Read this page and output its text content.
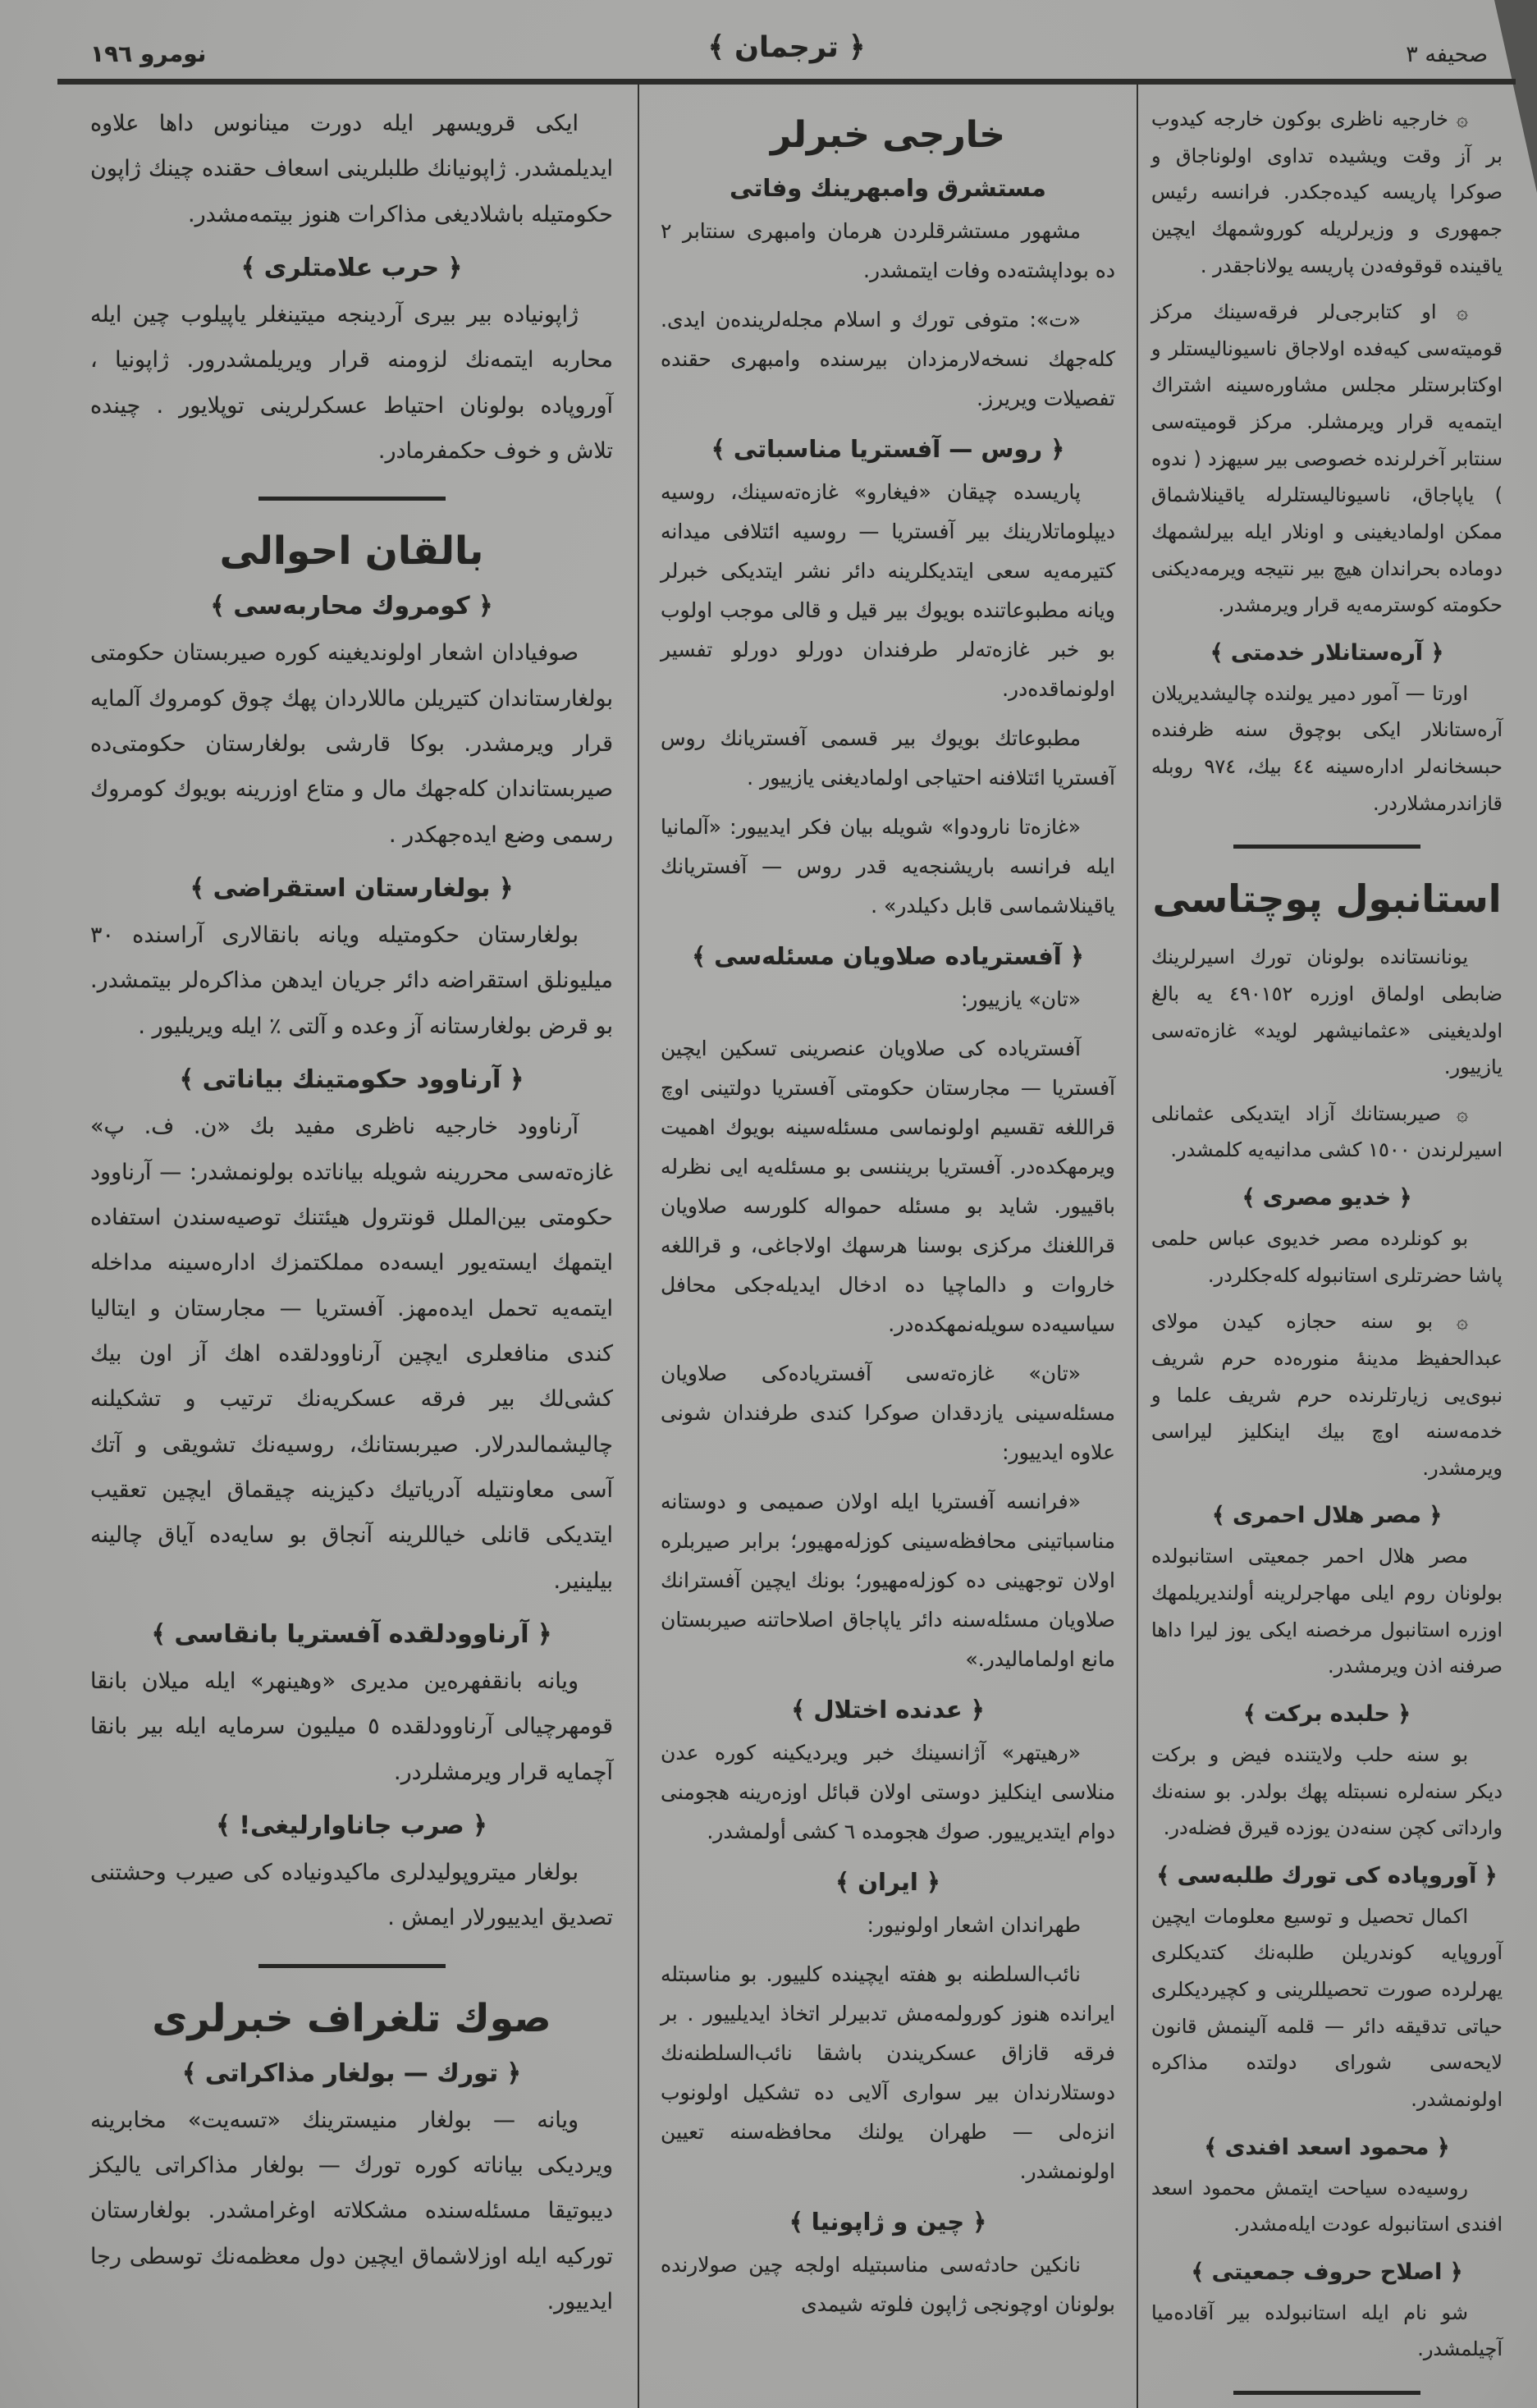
صحيفه ٣
﴿ ترجمان ﴾
نومرو ١٩٦

۞ خارجيه ناظرى بوكون خارجه كيدوب بر آز وقت ويشيده تداوى اولوناجاق و صوكرا پاريسه كيده‌جكدر. فرانسه رئيس جمهورى و وزيرلريله كوروشمهك ايچين ياقينده قوقوفه‌دن پاريسه يولاناجقدر .

۞ او كتابرجى‌لر فرقه‌سينك مركز قوميته‌سى كيه‌فده اولاجاق ناسيوناليستلر و اوكتابرستلر مجلس مشاوره‌سينه اشتراك ايتمه‌يه قرار ويرمشلر. مركز قوميته‌سى سنتابر آخرلرنده خصوصى بير سيهزد ( ندوه ) ياپاجاق، ناسيوناليستلرله ياقينلاشماق ممكن اولماديغينى و اونلار ايله بيرلشمهك دوماده بحراندان هيچ بير نتيجه ويرمه‌ديكنى حكومته كوسترمه‌يه قرار ويرمشدر.

﴿ آره‌ستانلار خدمتى ﴾

اورتا — آمور دمير يولنده چاليشديريلان آره‌ستانلار ايكى بوچوق سنه ظرفنده حبسخانه‌لر اداره‌سينه ٤٤ بيك، ٩٧٤ روبله قازاندرمشلاردر.

استانبول پوچتاسى

يونانستانده بولونان تورك اسيرلرينك ضابطى اولماق اوزره ٤٩٠١٥٢ يه بالغ اولديغينى «عثمانيشهر لويد» غازه‌ته‌سى يازييور.

۞ صيربستانك آزاد ايتديكى عثمانلى اسيرلرندن ١٥٠٠ كشى مدانيه‌يه كلمشدر.

﴿ خديو مصرى ﴾

بو كونلرده مصر خديوى عباس حلمى پاشا حضرتلرى استانبوله كله‌جكلردر.

۞ بو سنه حجازه كيدن مولاى عبدالحفيظ مدينۀ منوره‌ده حرم شريف نبوى‌يى زيارتلرنده حرم شريف علما و خدمه‌سنه اوچ بيك اينكليز ليراسى ويرمشدر.

﴿ مصر هلال احمرى ﴾

مصر هلال احمر جمعيتى استانبولده بولونان روم ايلى مهاجرلرينه أولنديريلمهك اوزره استانبول مرخصنه ايكى يوز ليرا داها صرفنه اذن ويرمشدر.

﴿ حلبده بركت ﴾

بو سنه حلب ولايتنده فيض و بركت ديكر سنه‌لره نسبتله پهك بولدر. بو سنه‌نك وارداتى كچن سنه‌دن يوزده قيرق فضله‌در.

﴿ آوروپاده كى تورك طلبه‌سى ﴾

اكمال تحصيل و توسيع معلومات ايچين آوروپايه كوندريلن طلبه‌نك كتديكلرى يهرلرده صورت تحصيللرينى و كچيرديكلرى حياتى تدقيقه دائر — قلمه آلينمش قانون لايحه‌سى شوراى دولتده مذاكره اولونمشدر.

﴿ محمود اسعد افندى ﴾

روسيه‌ده سياحت ايتمش محمود اسعد افندى استانبوله عودت ايله‌مشدر.

﴿ اصلاح حروف جمعيتى ﴾

شو نام ايله استانبولده بير آقاده‌ميا آچيلمشدر.

خارجى خبرلر
مستشرق وامبهرينك وفاتى

مشهور مستشرقلردن هرمان وامبهرى سنتابر ٢ ده بوداپشته‌ده وفات ايتمشدر.

«ت»: متوفى تورك و اسلام مجله‌لرينده‌ن ايدى. كله‌جهك نسخه‌لارمزدان بيرسنده وامبهرى حقنده تفصيلات ويريرز.

﴿ روس — آفستريا مناسباتى ﴾

پاريسده چيقان «فيغارو» غازه‌ته‌سينك، روسيه ديپلوماتلارينك بير آفستريا — روسيه ائتلافى ميدانه كتيرمه‌يه سعى ايتديكلرينه دائر نشر ايتديكى خبرلر ويانه مطبوعاتنده بويوك بير قيل و قالى موجب اولوب بو خبر غازه‌ته‌لر طرفندان دورلو دورلو تفسير اولونماقده‌در.

مطبوعاتك بويوك بير قسمى آفستريانك روس آفستريا ائتلافنه احتياجى اولماديغنى يازييور .

«غازه‌تا نارودوا» شويله بيان فكر ايدييور: «آلمانيا ايله فرانسه باريشنجه‌يه قدر روس — آفستريانك ياقينلاشماسى قابل دكيلدر» .

﴿ آفسترياده صلاويان مسئله‌سى ﴾

«تان» يازييور:

آفسترياده كى صلاويان عنصرينى تسكين ايچين آفستريا — مجارستان حكومتى آفستريا دولتينى اوچ قراللغه تقسيم اولونماسى مسئله‌سينه بويوك اهميت ويرمهكده‌در. آفستريا بريننسى بو مسئله‌يه ايى نظرله باقييور. شايد بو مسئله حمواله كلورسه صلاويان قراللغنك مركزى بوسنا هرسهك اولاجاغى، و قراللغه خاروات و دالماچيا ده ادخال ايديله‌جكى محافل سياسيه‌ده سويله‌نمهكده‌در.

«تان» غازه‌ته‌سى آفسترياده‌كى صلاويان مسئله‌سينى يازدقدان صوكرا كندى طرفندان شونى علاوه ايدييور:

«فرانسه آفستريا ايله اولان صميمى و دوستانه مناسباتينى محافظه‌سينى كوزله‌مهيور؛ برابر صيربلره اولان توجهينى ده كوزله‌مهيور؛ بونك ايچين آفسترانك صلاويان مسئله‌سنه دائر ياپاجاق اصلاحاتنه صيربستان مانع اولماماليدر.»

﴿ عدنده اختلال ﴾

«رهيتهر» آژانسينك خبر ويرديكينه كوره عدن منلاسى اينكليز دوستى اولان قبائل اوزه‌رينه هجومنى دوام ايتديرييور. صوك هجومده ٦ كشى أولمشدر.

﴿ ايران ﴾

طهراندان اشعار اولونيور:

نائب‌السلطنه بو هفته ايچينده كلييور. بو مناسبتله ايرانده هنوز كورولمه‌مش تدبيرلر اتخاذ ايديلييور . بر فرقه قازاق عسكريندن باشقا نائب‌السلطنه‌نك دوستلارندان بير سوارى آلايى ده تشكيل اولونوب انزه‌لى — طهران يولنك محافظه‌سنه تعيين اولونمشدر.

﴿ چين و ژاپونيا ﴾

نانكين حادثه‌سى مناسبتيله اولجه چين صولارنده بولونان اوچونجى ژاپون فلوته شيمدى

ايكى قرويسهر ايله دورت مينانوس داها علاوه ايديلمشدر. ژاپونيانك طلبلرينى اسعاف حقنده چينك ژاپون حكومتيله باشلاديغى مذاكرات هنوز بيتمه‌مشدر.

﴿ حرب علامتلرى ﴾

ژاپونياده بير بيرى آردينجه ميتينغلر ياپيلوب چين ايله محاربه ايتمه‌نك لزومنه قرار ويريلمشدرور. ژاپونيا ، آوروپاده بولونان احتياط عسكرلرينى توپلايور . چينده تلاش و خوف حكمفرمادر.

بالقان احوالى
﴿ كومروك محاربه‌سى ﴾

صوفيادان اشعار اولونديغينه كوره صيربستان حكومتى بولغارستاندان كتيريلن ماللاردان پهك چوق كومروك آلمايه قرار ويرمشدر. بوكا قارشى بولغارستان حكومتى‌ده صيربستاندان كله‌جهك مال و متاع اوزرينه بويوك كومروك رسمى وضع ايده‌جهكدر .

﴿ بولغارستان استقراضى ﴾

بولغارستان حكومتيله ويانه بانقالارى آراسنده ٣٠ ميليونلق استقراضه دائر جريان ايدهن مذاكره‌لر بيتمشدر. بو قرض بولغارستانه آز وعده و آلتى ٪ ايله ويريليور .

﴿ آرناوود حكومتينك بياناتى ﴾

آرناوود خارجيه ناظرى مفيد بك «ن. ف. پ» غازه‌ته‌سى محررينه شويله بياناتده بولونمشدر: — آرناوود حكومتى بين‌الملل قونترول هيئتنك توصيه‌سندن استفاده ايتمهك ايسته‌يور ايسه‌ده مملكتمزك اداره‌سينه مداخله ايتمه‌يه تحمل ايده‌مهز. آفستريا — مجارستان و ايتاليا كندى منافعلرى ايچين آرناوودلقده اهك آز اون بيك كشى‌لك بير فرقه عسكريه‌نك ترتيب و تشكيلنه چاليشمالىدرلار. صيربستانك، روسيه‌نك تشويقى و آتك آسى معاونتيله آدرياتيك دكيزينه چيقماق ايچين تعقيب ايتديكى قانلى خياللرينه آنجاق بو سايه‌ده آياق چالينه بيلينير.

﴿ آرناوودلقده آفستريا بانقاسى ﴾

ويانه بانقفهره‌ين مديرى «وهينهر» ايله ميلان بانقا قومهرچيالى آرناوودلقده ٥ ميليون سرمايه ايله بير بانقا آچمايه قرار ويرمشلردر.

﴿ صرب جاناوارليغى! ﴾

بولغار ميتروپوليدلرى ماكيدونياده كى صيرب وحشتنى تصديق ايدييورلار ايمش .

صوك تلغراف خبرلرى
﴿ تورك — بولغار مذاكراتى ﴾

ويانه — بولغار منيسترينك «تسه‌يت» مخابرينه ويرديكى بياناته كوره تورك — بولغار مذاكراتى ياليكز ديبوتيقا مسئله‌سنده مشكلاته اوغرامشدر. بولغارستان تورکيه ايله اوزلاشماق ايچين دول معظمه‌نك توسطى رجا ايدييور.
